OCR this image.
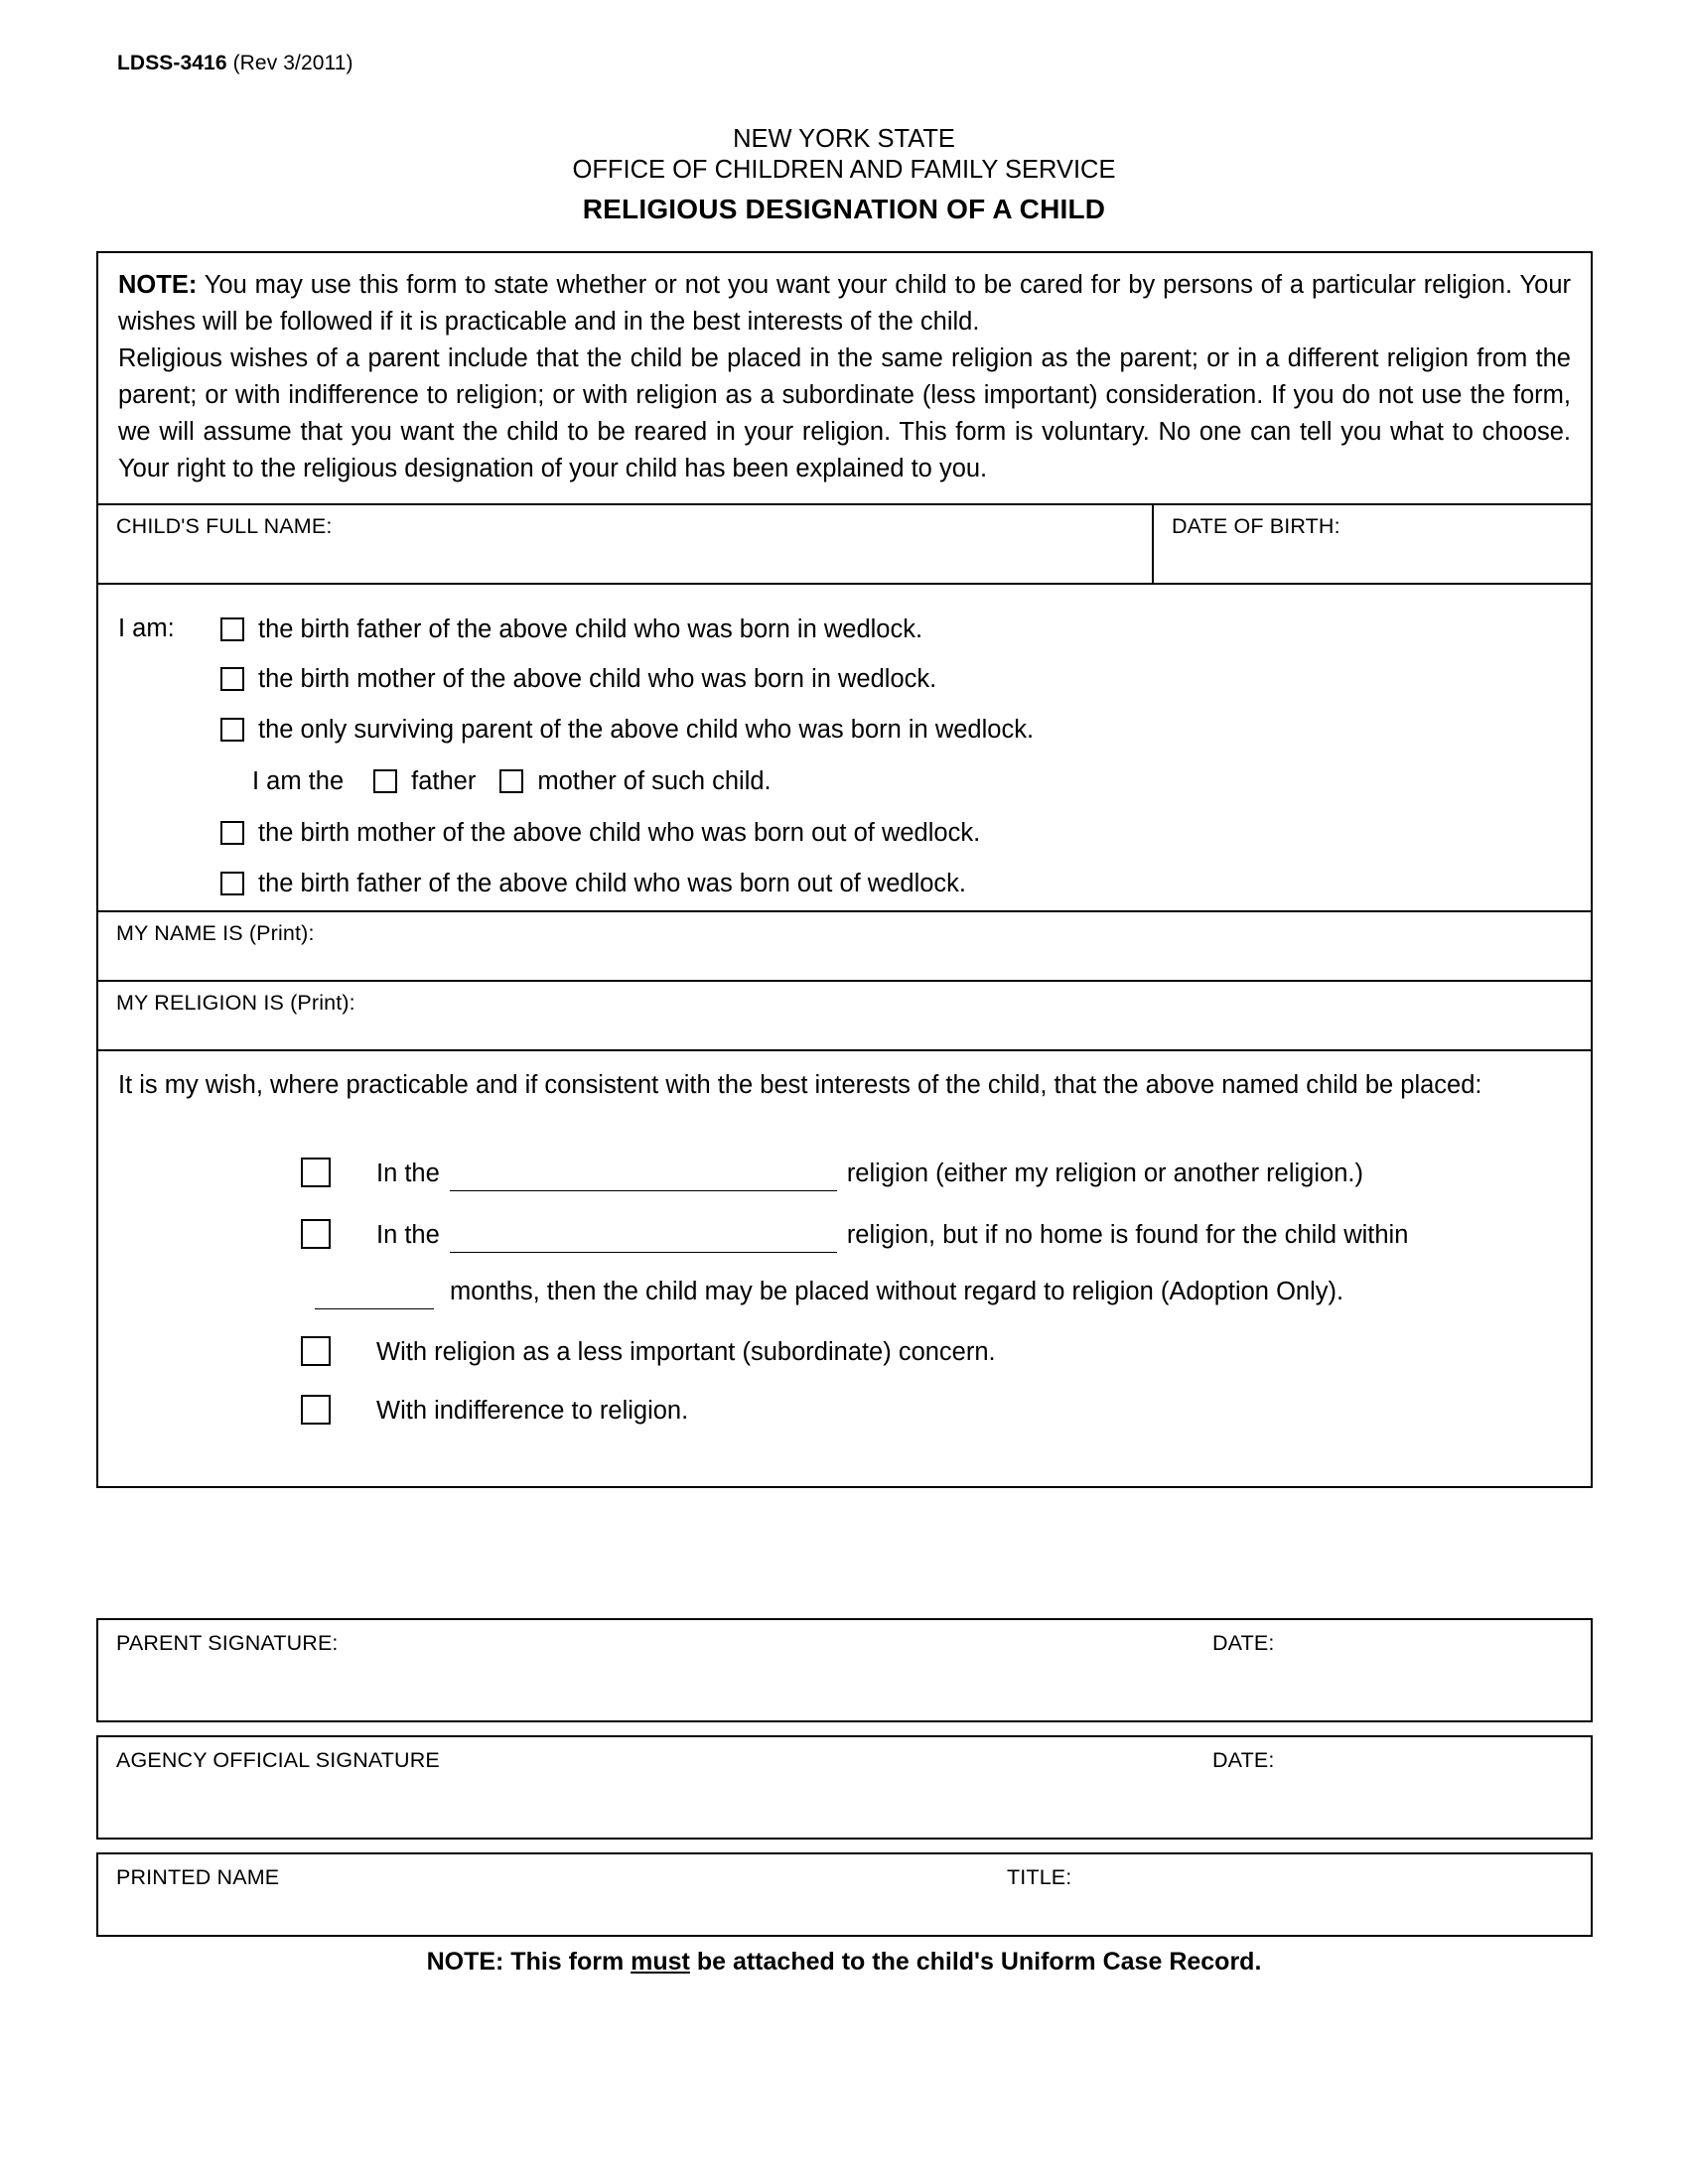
LDSS-3416 (Rev 3/2011)
NEW YORK STATE
OFFICE OF CHILDREN AND FAMILY SERVICE
RELIGIOUS DESIGNATION OF A CHILD

NOTE: You may use this form to state whether or not you want your child to be cared for by persons of a particular religion. Your wishes will be followed if it is practicable and in the best interests of the child.

Religious wishes of a parent include that the child be placed in the same religion as the parent; or in a different religion from the parent; or with indifference to religion; or with religion as a subordinate (less important) consideration. If you do not use the form, we will assume that you want the child to be reared in your religion. This form is voluntary. No one can tell you what to choose. Your right to the religious designation of your child has been explained to you.

CHILD'S FULL NAME:	DATE OF BIRTH:
I am:	the birth father of the above child who was born in wedlock.
the birth mother of the above child who was born in wedlock.
the only surviving parent of the above child who was born in wedlock.
I am the	father mother of such child.
the birth mother of the above child who was born out of wedlock.
the birth father of the above child who was born out of wedlock.
MY NAME IS (Print):
MY RELIGION IS (Print):

It is my wish, where practicable and if consistent with the best interests of the child, that the above named child be placed:

In the	religion (either my religion or another religion.)
In the	religion, but if no home is found for the child within
months, then the child may be placed without regard to religion (Adoption Only).
With religion as a less important (subordinate) concern.
With indifference to religion.
PARENT SIGNATURE:	DATE:
AGENCY OFFICIAL SIGNATURE	DATE:
PRINTED NAME	TITLE:
NOTE: This form must be attached to the child's Uniform Case Record.
